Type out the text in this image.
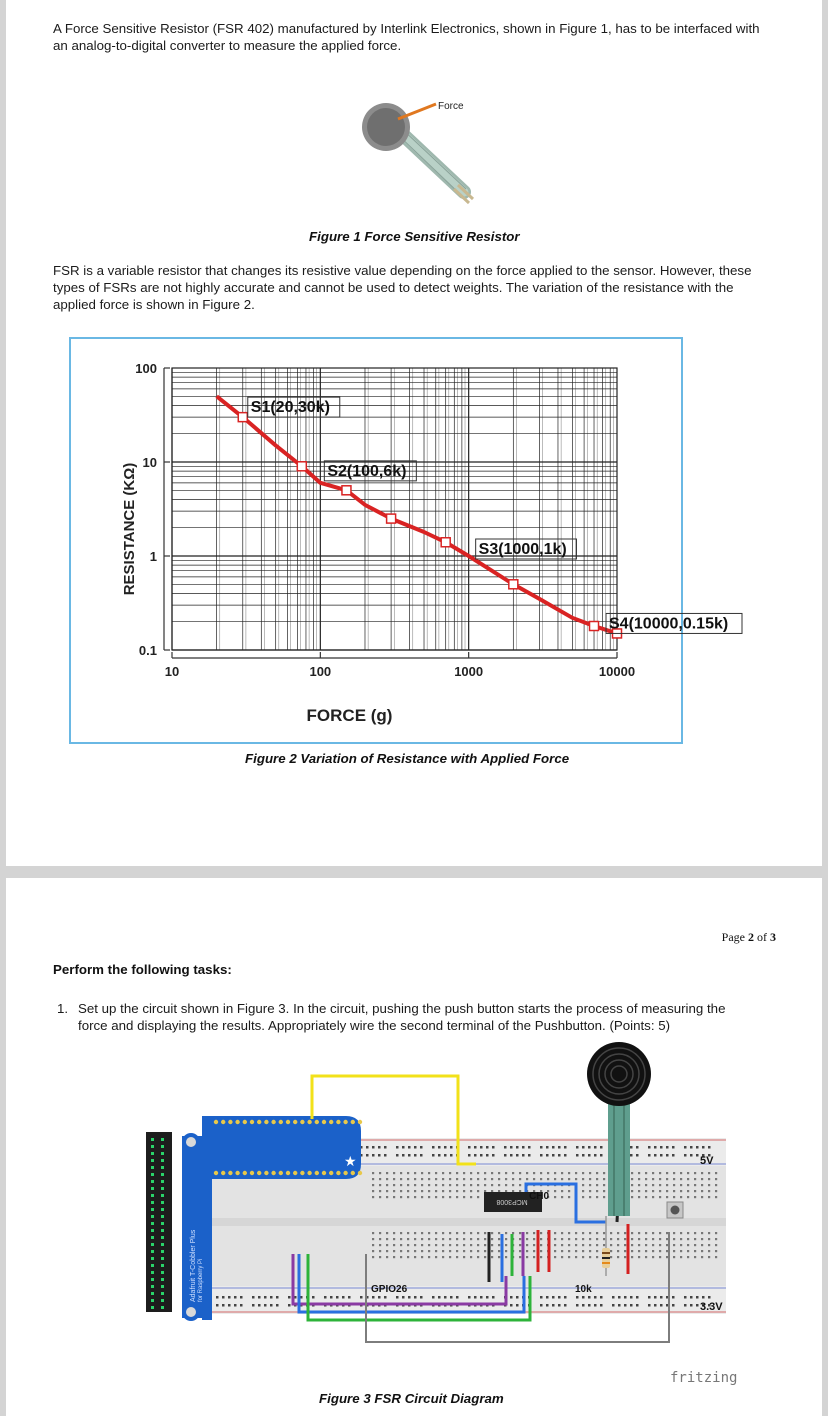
A Force Sensitive Resistor (FSR 402) manufactured by Interlink Electronics, shown in Figure 1, has to be interfaced with an analog-to-digital converter to measure the applied force.

Force
Figure 1 Force Sensitive Resistor

FSR is a variable resistor that changes its resistive value depending on the force applied to the sensor. However, these types of FSRs are not highly accurate and cannot be used to detect weights. The variation of the resistance with the applied force is shown in Figure 2.

S1(20,30k)
S2(100,6k)
S3(1000,1k)
S4(10000,0.15k)
100
10
1
0.1
10	100	1000	10000
FORCE (g)
RESISTANCE (KΩ)
Figure 2 Variation of Resistance with Applied Force
Page 2 of 3
Perform the following tasks:
1. Set up the circuit shown in Figure 3. In the circuit, pushing the push button starts the process of measuring the force and displaying the results. Appropriately wire the second terminal of the Pushbutton. (Points: 5)
★
Adafruit T-Cobbler Plus for Raspberry Pi
MCP3008
5V
3.3V
CH0
GPIO26	10k
fritzing
Figure 3 FSR Circuit Diagram
